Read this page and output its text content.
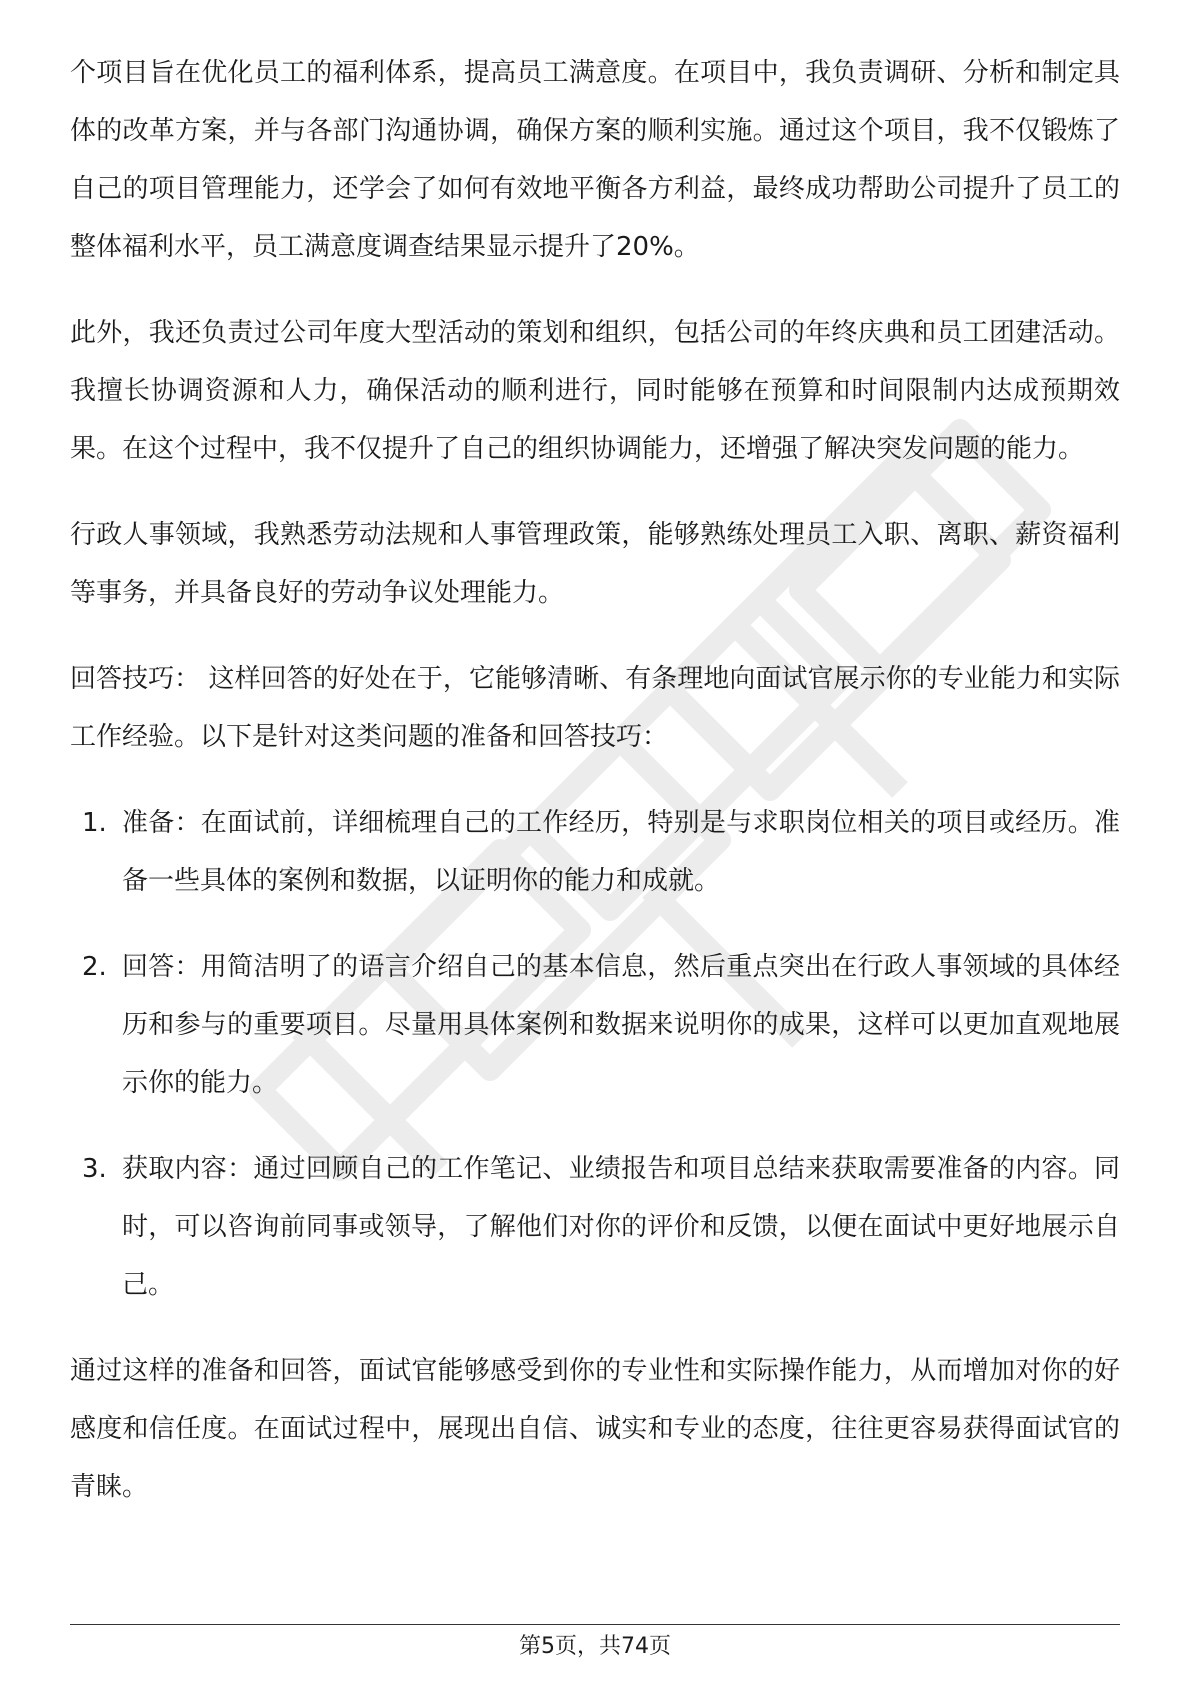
个项目旨在优化员工的福利体系，提高员工满意度。在项目中，我负责调研、分析和制定具体的改革方案，并与各部门沟通协调，确保方案的顺利实施。通过这个项目，我不仅锻炼了自己的项目管理能力，还学会了如何有效地平衡各方利益，最终成功帮助公司提升了员工的整体福利水平，员工满意度调查结果显示提升了20%。

此外，我还负责过公司年度大型活动的策划和组织，包括公司的年终庆典和员工团建活动。我擅长协调资源和人力，确保活动的顺利进行，同时能够在预算和时间限制内达成预期效果。在这个过程中，我不仅提升了自己的组织协调能力，还增强了解决突发问题的能力。

行政人事领域，我熟悉劳动法规和人事管理政策，能够熟练处理员工入职、离职、薪资福利等事务，并具备良好的劳动争议处理能力。

回答技巧： 这样回答的好处在于，它能够清晰、有条理地向面试官展示你的专业能力和实际工作经验。以下是针对这类问题的准备和回答技巧：

1. 准备：在面试前，详细梳理自己的工作经历，特别是与求职岗位相关的项目或经历。准备一些具体的案例和数据，以证明你的能力和成就。
2. 回答：用简洁明了的语言介绍自己的基本信息，然后重点突出在行政人事领域的具体经历和参与的重要项目。尽量用具体案例和数据来说明你的成果，这样可以更加直观地展示你的能力。
3. 获取内容：通过回顾自己的工作笔记、业绩报告和项目总结来获取需要准备的内容。同时，可以咨询前同事或领导，了解他们对你的评价和反馈，以便在面试中更好地展示自己。

通过这样的准备和回答，面试官能够感受到你的专业性和实际操作能力，从而增加对你的好感度和信任度。在面试过程中，展现出自信、诚实和专业的态度，往往更容易获得面试官的青睐。

第5页，共74页
